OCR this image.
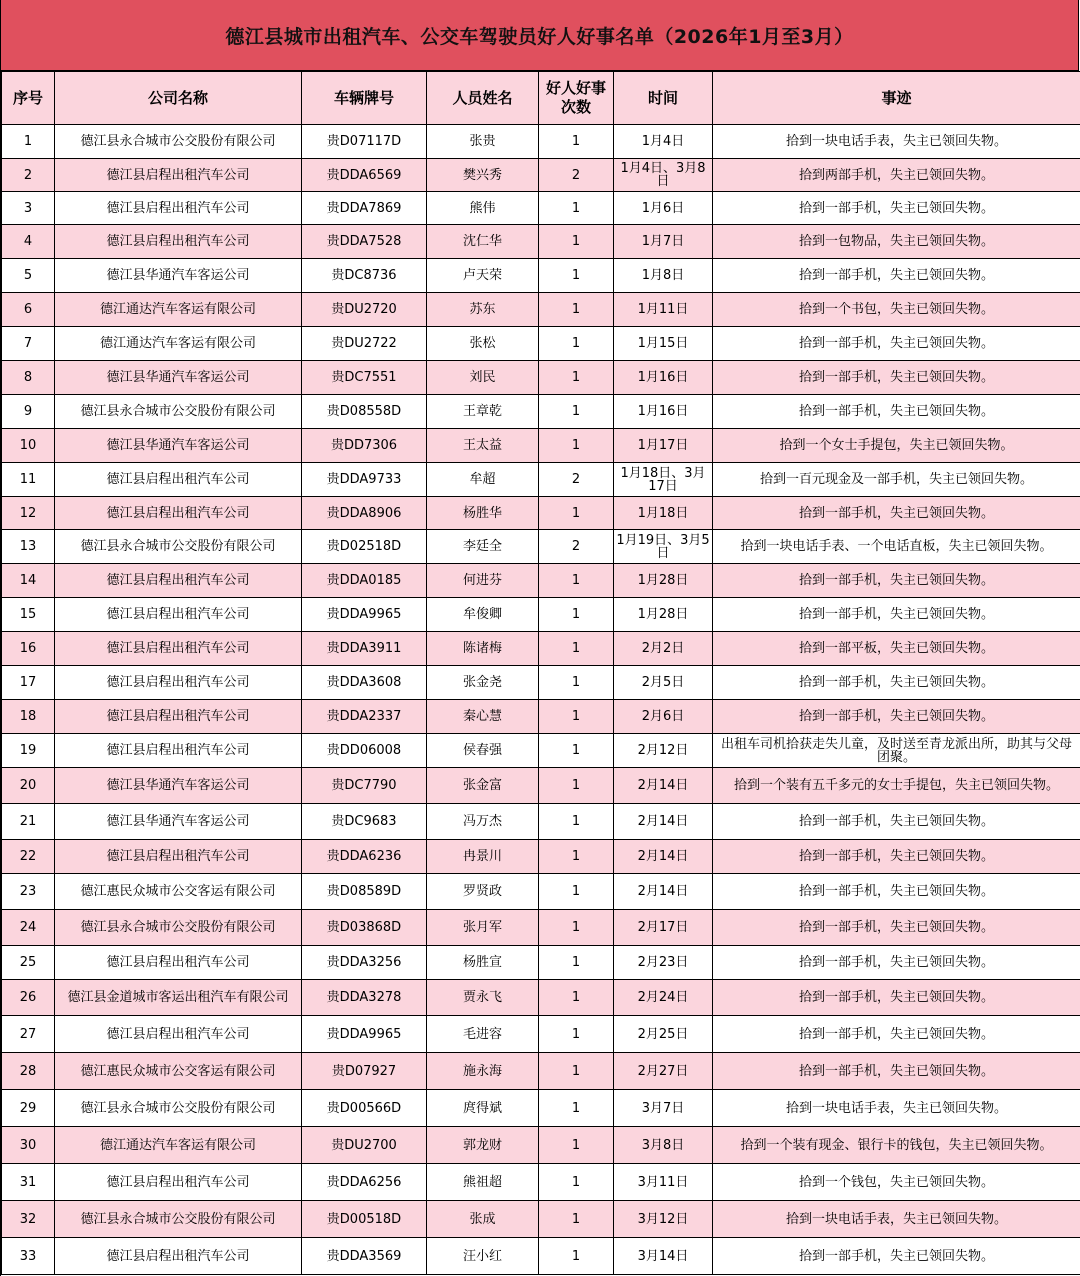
德江县城市出租汽车、公交车驾驶员好人好事名单（2026年1月至3月）
序号	公司名称	车辆牌号	人员姓名	好人好事次数	时间	事迹
1	德江县永合城市公交股份有限公司	贵D07117D	张贵	1	1月4日	拾到一块电话手表，失主已领回失物。
2	德江县启程出租汽车公司	贵DDA6569	樊兴秀	2	1月4日、3月8日	拾到两部手机，失主已领回失物。
3	德江县启程出租汽车公司	贵DDA7869	熊伟	1	1月6日	拾到一部手机，失主已领回失物。
4	德江县启程出租汽车公司	贵DDA7528	沈仁华	1	1月7日	拾到一包物品，失主已领回失物。
5	德江县华通汽车客运公司	贵DC8736	卢天荣	1	1月8日	拾到一部手机，失主已领回失物。
6	德江通达汽车客运有限公司	贵DU2720	苏东	1	1月11日	拾到一个书包，失主已领回失物。
7	德江通达汽车客运有限公司	贵DU2722	张松	1	1月15日	拾到一部手机，失主已领回失物。
8	德江县华通汽车客运公司	贵DC7551	刘民	1	1月16日	拾到一部手机，失主已领回失物。
9	德江县永合城市公交股份有限公司	贵D08558D	王章乾	1	1月16日	拾到一部手机，失主已领回失物。
10	德江县华通汽车客运公司	贵DD7306	王太益	1	1月17日	拾到一个女士手提包，失主已领回失物。
11	德江县启程出租汽车公司	贵DDA9733	牟超	2	1月18日、3月17日	拾到一百元现金及一部手机，失主已领回失物。
12	德江县启程出租汽车公司	贵DDA8906	杨胜华	1	1月18日	拾到一部手机，失主已领回失物。
13	德江县永合城市公交股份有限公司	贵D02518D	李廷全	2	1月19日、3月5日	拾到一块电话手表、一个电话直板，失主已领回失物。
14	德江县启程出租汽车公司	贵DDA0185	何进芬	1	1月28日	拾到一部手机，失主已领回失物。
15	德江县启程出租汽车公司	贵DDA9965	牟俊卿	1	1月28日	拾到一部手机，失主已领回失物。
16	德江县启程出租汽车公司	贵DDA3911	陈诸梅	1	2月2日	拾到一部平板，失主已领回失物。
17	德江县启程出租汽车公司	贵DDA3608	张金尧	1	2月5日	拾到一部手机，失主已领回失物。
18	德江县启程出租汽车公司	贵DDA2337	秦心慧	1	2月6日	拾到一部手机，失主已领回失物。
19	德江县启程出租汽车公司	贵DD06008	侯春强	1	2月12日	出租车司机拾获走失儿童，及时送至青龙派出所，助其与父母团聚。
20	德江县华通汽车客运公司	贵DC7790	张金富	1	2月14日	拾到一个装有五千多元的女士手提包，失主已领回失物。
21	德江县华通汽车客运公司	贵DC9683	冯万杰	1	2月14日	拾到一部手机，失主已领回失物。
22	德江县启程出租汽车公司	贵DDA6236	冉景川	1	2月14日	拾到一部手机，失主已领回失物。
23	德江惠民众城市公交客运有限公司	贵D08589D	罗贤政	1	2月14日	拾到一部手机，失主已领回失物。
24	德江县永合城市公交股份有限公司	贵D03868D	张月军	1	2月17日	拾到一部手机，失主已领回失物。
25	德江县启程出租汽车公司	贵DDA3256	杨胜宣	1	2月23日	拾到一部手机，失主已领回失物。
26	德江县金道城市客运出租汽车有限公司	贵DDA3278	贾永飞	1	2月24日	拾到一部手机，失主已领回失物。
27	德江县启程出租汽车公司	贵DDA9965	毛进容	1	2月25日	拾到一部手机，失主已领回失物。
28	德江惠民众城市公交客运有限公司	贵D07927	施永海	1	2月27日	拾到一部手机，失主已领回失物。
29	德江县永合城市公交股份有限公司	贵D00566D	庹得斌	1	3月7日	拾到一块电话手表，失主已领回失物。
30	德江通达汽车客运有限公司	贵DU2700	郭龙财	1	3月8日	拾到一个装有现金、银行卡的钱包，失主已领回失物。
31	德江县启程出租汽车公司	贵DDA6256	熊祖超	1	3月11日	拾到一个钱包，失主已领回失物。
32	德江县永合城市公交股份有限公司	贵D00518D	张成	1	3月12日	拾到一块电话手表，失主已领回失物。
33	德江县启程出租汽车公司	贵DDA3569	汪小红	1	3月14日	拾到一部手机，失主已领回失物。
